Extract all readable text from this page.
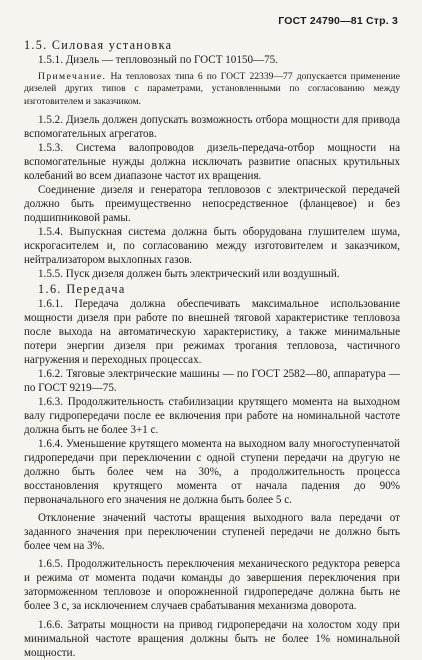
ГОСТ 24790—81 Стр. 3

1.5. Силовая установка

1.5.1. Дизель — тепловозный по ГОСТ 10150—75.

Примечание. На тепловозах типа 6 по ГОСТ 22339—77 допускается применение дизелей других типов с параметрами, установленными по согласованию между изготовителем и заказчиком.

1.5.2. Дизель должен допускать возможность отбора мощности для привода вспомогательных агрегатов.

1.5.3. Система валопроводов дизель-передача-отбор мощности на вспомогательные нужды должна исключать развитие опасных крутильных колебаний во всем диапазоне частот их вращения.

Соединение дизеля и генератора тепловозов с электрической передачей должно быть преимущественно непосредственное (фланцевое) и без подшипниковой рамы.

1.5.4. Выпускная система должна быть оборудована глушителем шума, искрогасителем и, по согласованию между изготовителем и заказчиком, нейтрализатором выхлопных газов.

1.5.5. Пуск дизеля должен быть электрический или воздушный.

1.6. Передача

1.6.1. Передача должна обеспечивать максимальное использование мощности дизеля при работе по внешней тяговой характеристике тепловоза после выхода на автоматическую характеристику, а также минимальные потери энергии дизеля при режимах трогания тепловоза, частичного нагружения и переходных процессах.

1.6.2. Тяговые электрические машины — по ГОСТ 2582—80, аппаратура — по ГОСТ 9219—75.

1.6.3. Продолжительность стабилизации крутящего момента на выходном валу гидропередачи после ее включения при работе на номинальной частоте должна быть не более 3+1 с.

1.6.4. Уменьшение крутящего момента на выходном валу многоступенчатой гидропередачи при переключении с одной ступени передачи на другую не должно быть более чем на 30%, а продолжительность процесса восстановления крутящего момента от начала падения до 90% первоначального его значения не должна быть более 5 с.

Отклонение значений частоты вращения выходного вала передачи от заданного значения при переключении ступеней передачи не должно быть более чем на 3%.

1.6.5. Продолжительность переключения механического редуктора реверса и режима от момента подачи команды до завершения переключения при заторможенном тепловозе и опорожненной гидропередаче должна быть не более 3 с, за исключением случаев срабатывания механизма доворота.

1.6.6. Затраты мощности на привод гидропередачи на холостом ходу при минимальной частоте вращения должны быть не более 1% номинальной мощности.
